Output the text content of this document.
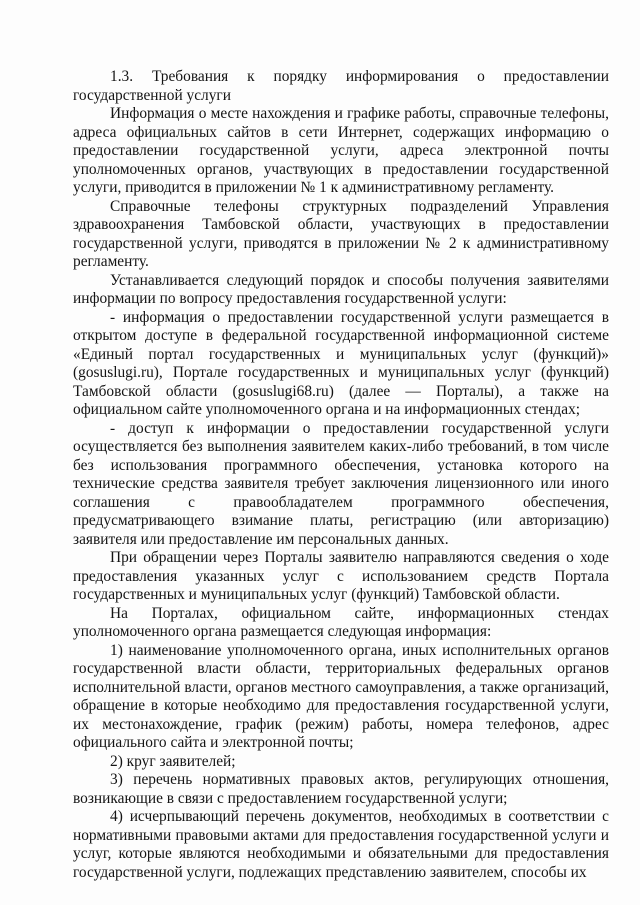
1.3. Требования к порядку информирования о предоставлении государственной услуги

Информация о месте нахождения и графике работы, справочные телефоны, адреса официальных сайтов в сети Интернет, содержащих информацию о предоставлении государственной услуги, адреса электронной почты уполномоченных органов, участвующих в предоставлении государственной услуги, приводится в приложении № 1 к административному регламенту.

Справочные телефоны структурных подразделений Управления здравоохранения Тамбовской области, участвующих в предоставлении государственной услуги, приводятся в приложении № 2 к административному регламенту.

Устанавливается следующий порядок и способы получения заявителями информации по вопросу предоставления государственной услуги:

- информация о предоставлении государственной услуги размещается в открытом доступе в федеральной государственной информационной системе «Единый портал государственных и муниципальных услуг (функций)» (gosuslugi.ru), Портале государственных и муниципальных услуг (функций) Тамбовской области (gosuslugi68.ru) (далее — Порталы), а также на официальном сайте уполномоченного органа и на информационных стендах;

- доступ к информации о предоставлении государственной услуги осуществляется без выполнения заявителем каких-либо требований, в том числе без использования программного обеспечения, установка которого на технические средства заявителя требует заключения лицензионного или иного соглашения с правообладателем программного обеспечения, предусматривающего взимание платы, регистрацию (или авторизацию) заявителя или предоставление им персональных данных.

При обращении через Порталы заявителю направляются сведения о ходе предоставления указанных услуг с использованием средств Портала государственных и муниципальных услуг (функций) Тамбовской области.

На Порталах, официальном сайте, информационных стендах уполномоченного органа размещается следующая информация:

1) наименование уполномоченного органа, иных исполнительных органов государственной власти области, территориальных федеральных органов исполнительной власти, органов местного самоуправления, а также организаций, обращение в которые необходимо для предоставления государственной услуги, их местонахождение, график (режим) работы, номера телефонов, адрес официального сайта и электронной почты;

2) круг заявителей;

3) перечень нормативных правовых актов, регулирующих отношения, возникающие в связи с предоставлением государственной услуги;

4) исчерпывающий перечень документов, необходимых в соответствии с нормативными правовыми актами для предоставления государственной услуги и услуг, которые являются необходимыми и обязательными для предоставления государственной услуги, подлежащих представлению заявителем, способы их
